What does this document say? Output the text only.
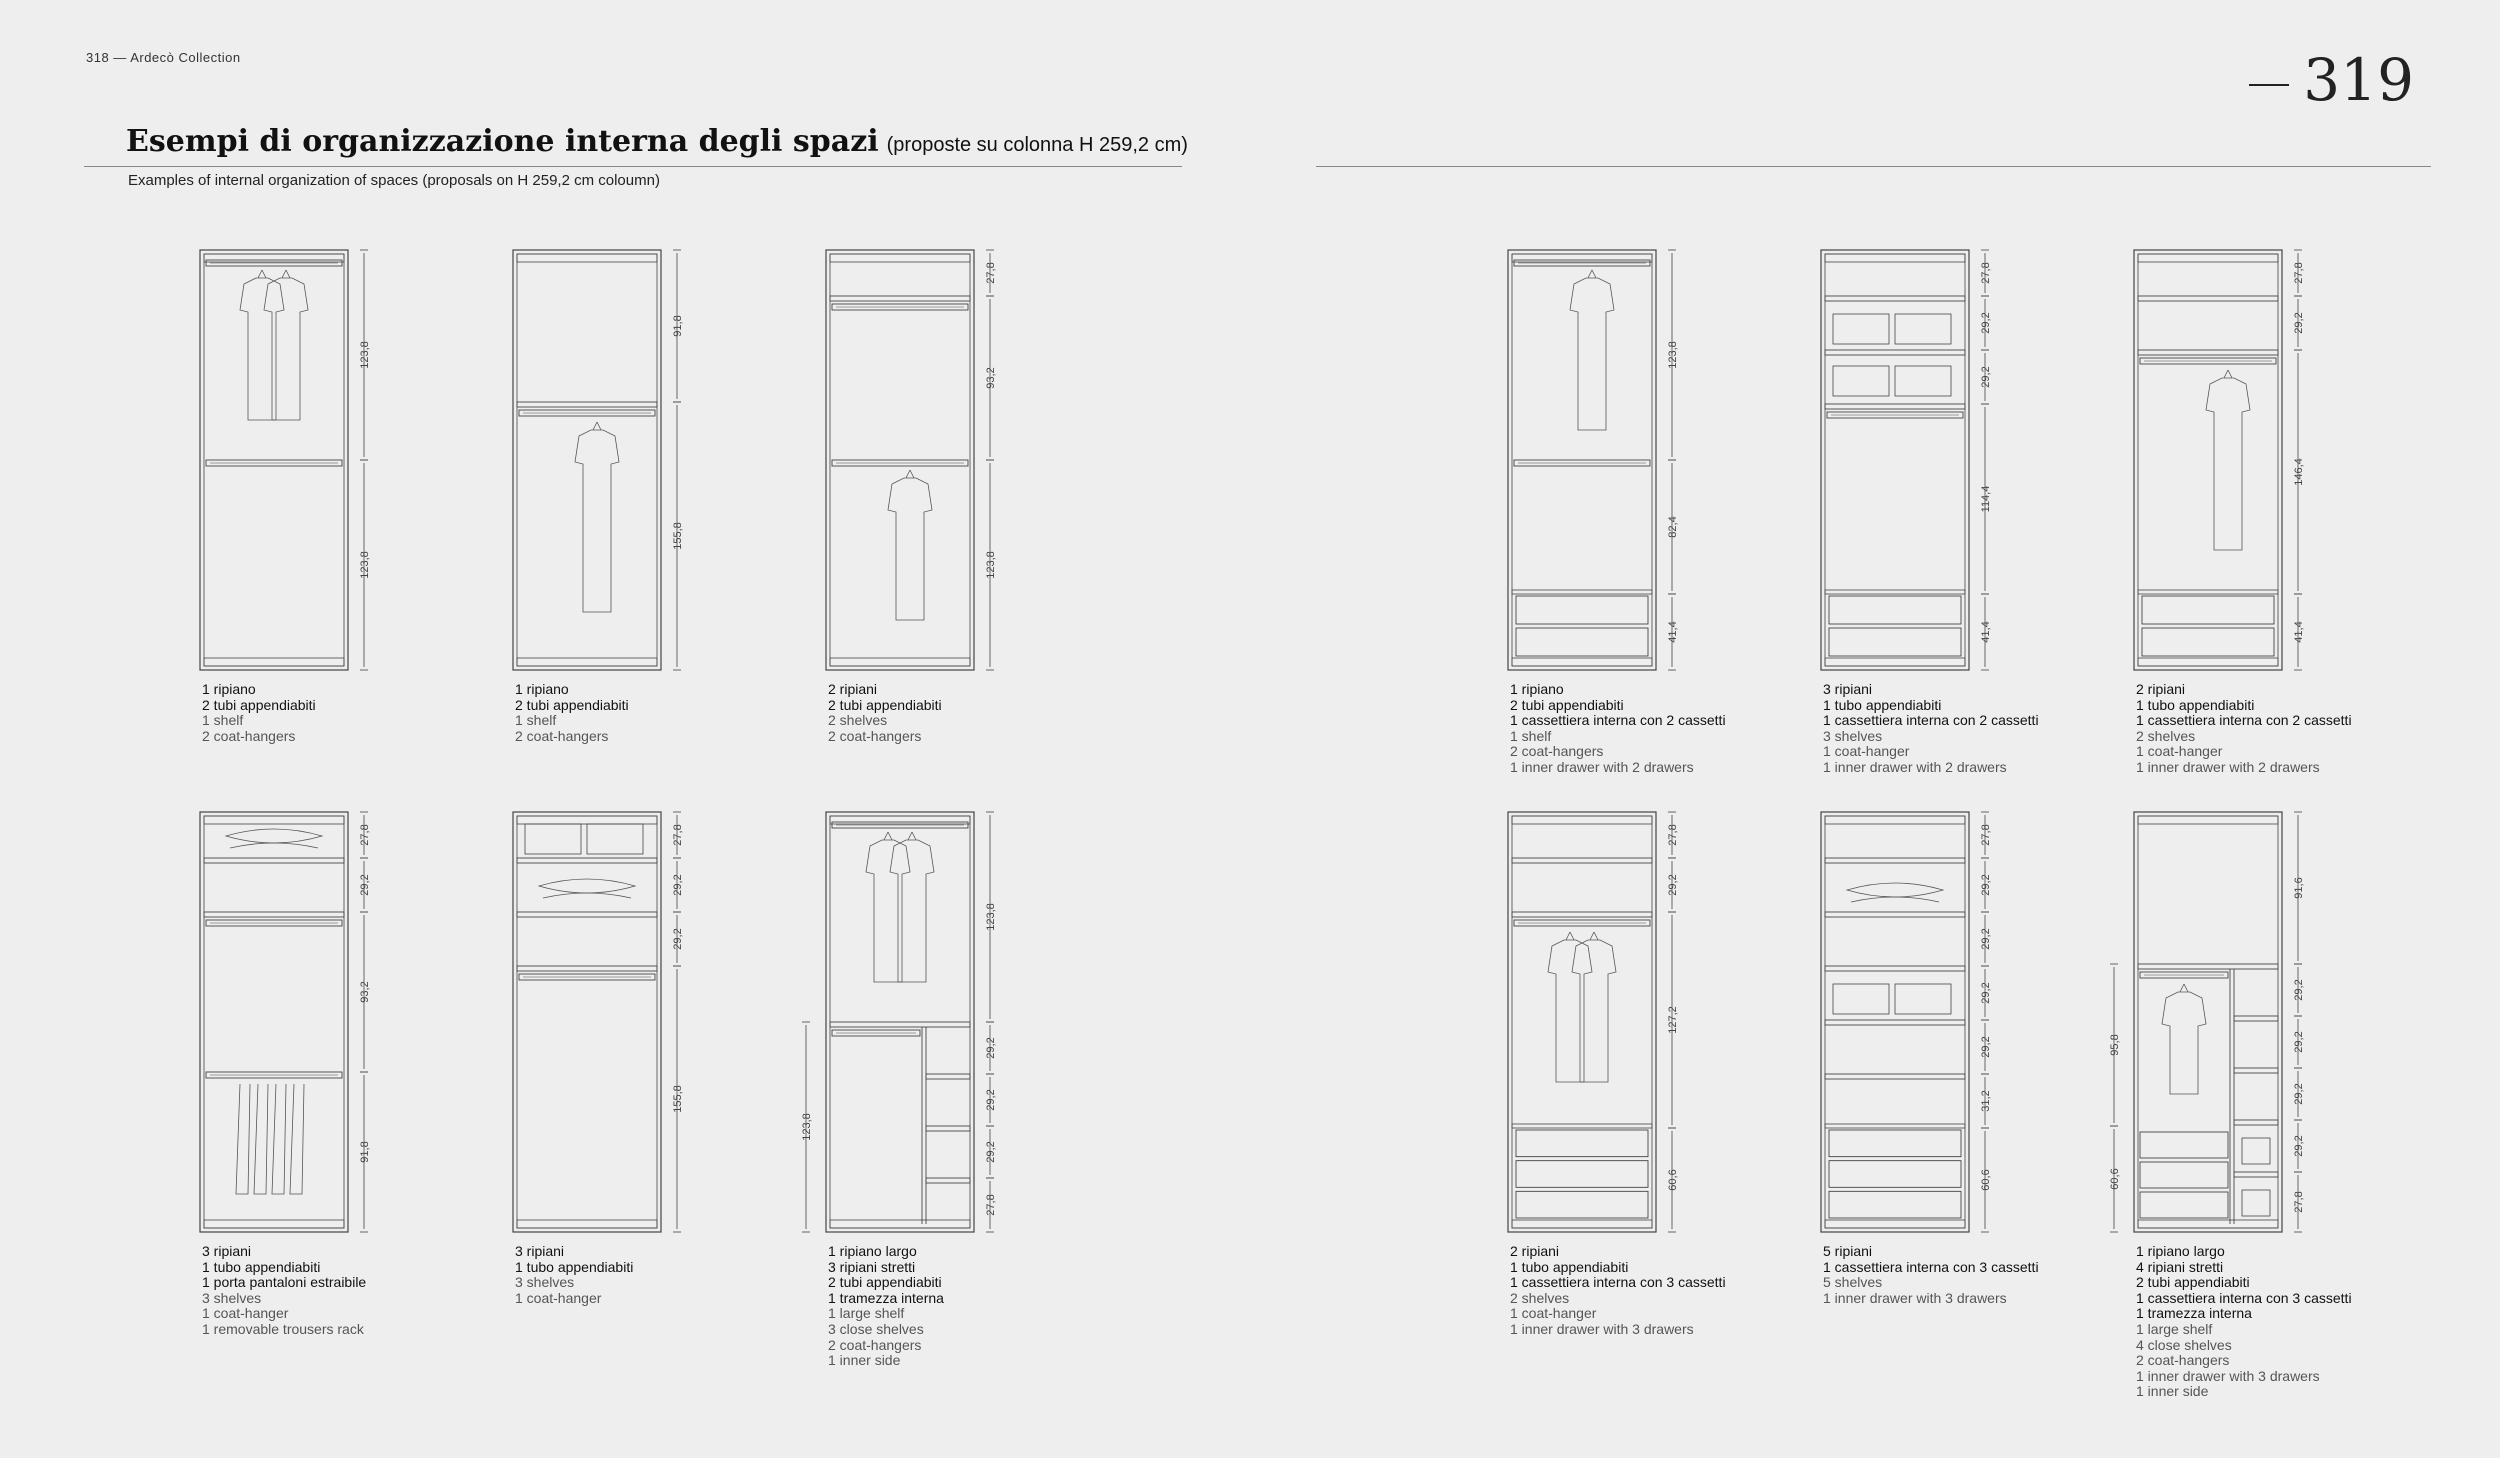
318 — Ardecò Collection	319
Esempi di organizzazione interna degli spazi (proposte su colonna H 259,2 cm)
Examples of internal organization of spaces (proposals on H 259,2 cm coloumn)
123,8
123,8
1 ripiano
2 tubi appendiabiti
1 shelf
2 coat-hangers
91,8
155,8
1 ripiano
2 tubi appendiabiti
1 shelf
2 coat-hangers
27,8
93,2
123,8
2 ripiani
2 tubi appendiabiti
2 shelves
2 coat-hangers
123,8
82,4
41,4
1 ripiano
2 tubi appendiabiti
1 cassettiera interna con 2 cassetti
1 shelf
2 coat-hangers
1 inner drawer with 2 drawers
27,8
29,2
29,2
114,4
41,4
3 ripiani
1 tubo appendiabiti
1 cassettiera interna con 2 cassetti
3 shelves
1 coat-hanger
1 inner drawer with 2 drawers
27,8
29,2
146,4
41,4
2 ripiani
1 tubo appendiabiti
1 cassettiera interna con 2 cassetti
2 shelves
1 coat-hanger
1 inner drawer with 2 drawers
27,8
29,2
93,2
91,8
3 ripiani
1 tubo appendiabiti
1 porta pantaloni estraibile
3 shelves
1 coat-hanger
1 removable trousers rack
27,8
29,2
29,2
155,8
3 ripiani
1 tubo appendiabiti
3 shelves
1 coat-hanger
123,8
29,2
29,2
29,2
27,8
123,8
1 ripiano largo
3 ripiani stretti
2 tubi appendiabiti
1 tramezza interna
1 large shelf
3 close shelves
2 coat-hangers
1 inner side
27,8
29,2
127,2
60,6
2 ripiani
1 tubo appendiabiti
1 cassettiera interna con 3 cassetti
2 shelves
1 coat-hanger
1 inner drawer with 3 drawers
27,8
29,2
29,2
29,2
29,2
31,2
60,6
5 ripiani
1 cassettiera interna con 3 cassetti
5 shelves
1 inner drawer with 3 drawers
91,6
29,2
29,2
29,2
29,2
27,8
95,8
60,6
1 ripiano largo
4 ripiani stretti
2 tubi appendiabiti
1 cassettiera interna con 3 cassetti
1 tramezza interna
1 large shelf
4 close shelves
2 coat-hangers
1 inner drawer with 3 drawers
1 inner side
